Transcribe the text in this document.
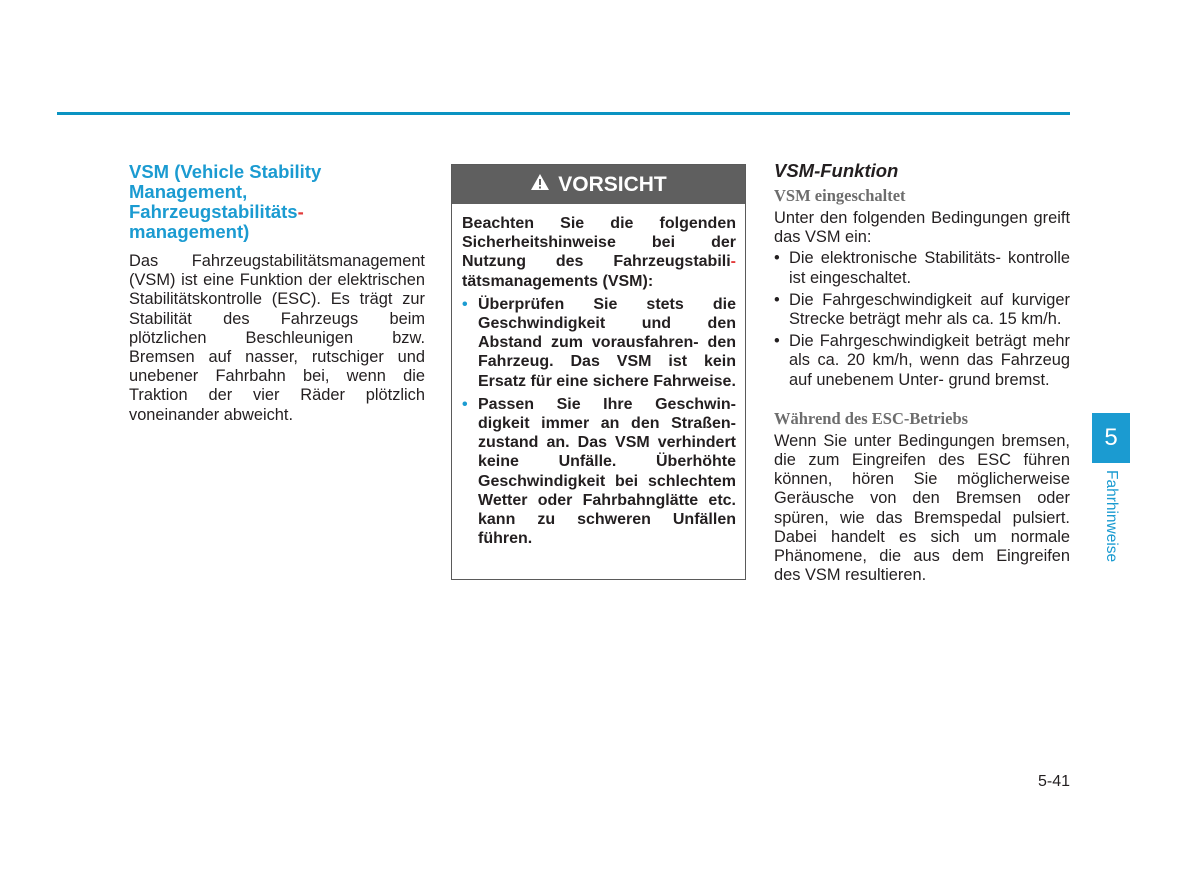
VSM (Vehicle Stability
Management,
Fahrzeugstabilitäts-
management)

Das Fahrzeugstabilitätsmanagement (VSM) ist eine Funktion der elektrischen Stabilitätskontrolle (ESC). Es trägt zur Stabilität des Fahrzeugs beim plötzlichen Beschleunigen bzw. Bremsen auf nasser, rutschiger und unebener Fahrbahn bei, wenn die Traktion der vier Räder plötzlich voneinander abweicht.

VORSICHT

Beachten Sie die folgenden Sicherheitshinweise bei der Nutzung des Fahrzeugstabili- tätsmanagements (VSM):

• Überprüfen Sie stets die Geschwindigkeit und den Abstand zum vorausfahren- den Fahrzeug. Das VSM ist kein Ersatz für eine sichere Fahrweise.
• Passen Sie Ihre Geschwin- digkeit immer an den Straßen- zustand an. Das VSM verhindert keine Unfälle. Überhöhte Geschwindigkeit bei schlechtem Wetter oder Fahrbahnglätte etc. kann zu schweren Unfällen führen.
VSM-Funktion
VSM eingeschaltet

Unter den folgenden Bedingungen greift das VSM ein:

• Die elektronische Stabilitäts- kontrolle ist eingeschaltet.
• Die Fahrgeschwindigkeit auf kurviger Strecke beträgt mehr als ca. 15 km/h.
• Die Fahrgeschwindigkeit beträgt mehr als ca. 20 km/h, wenn das Fahrzeug auf unebenem Unter- grund bremst.
Während des ESC-Betriebs

Wenn Sie unter Bedingungen bremsen, die zum Eingreifen des ESC führen können, hören Sie möglicherweise Geräusche von den Bremsen oder spüren, wie das Bremspedal pulsiert. Dabei handelt es sich um normale Phänomene, die aus dem Eingreifen des VSM resultieren.

5
Fahrhinweise
5-41
